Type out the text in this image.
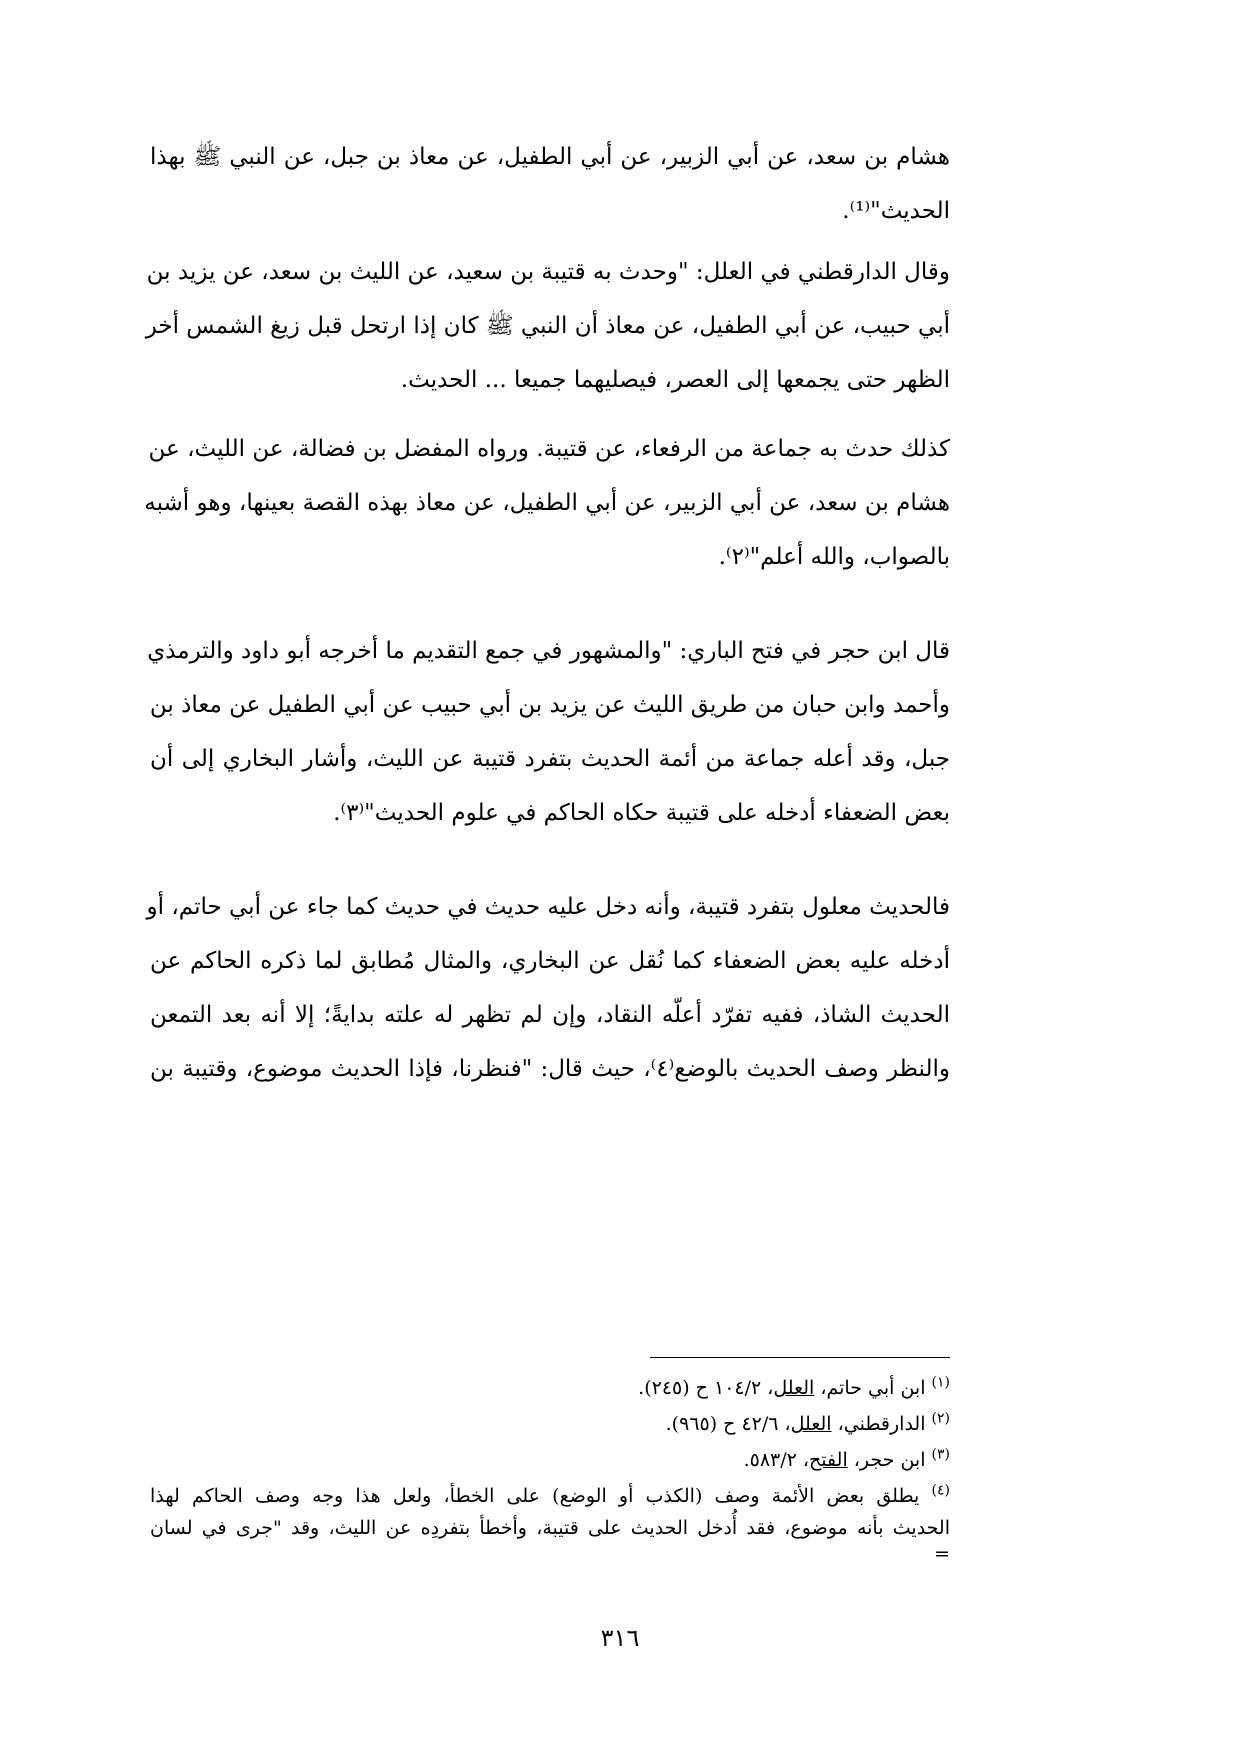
هشام بن سعد، عن أبي الزبير، عن أبي الطفيل، عن معاذ بن جبل، عن النبي ﷺ بهذا
الحديث"⁽¹⁾.
وقال الدارقطني في العلل: "وحدث به قتيبة بن سعيد، عن الليث بن سعد، عن يزيد بن
أبي حبيب، عن أبي الطفيل، عن معاذ أن النبي ﷺ كان إذا ارتحل قبل زيغ الشمس أخر
الظهر حتى يجمعها إلى العصر، فيصليهما جميعا ... الحديث.
كذلك حدث به جماعة من الرفعاء، عن قتيبة. ورواه المفضل بن فضالة، عن الليث، عن
هشام بن سعد، عن أبي الزبير، عن أبي الطفيل، عن معاذ بهذه القصة بعينها، وهو أشبه
بالصواب، والله أعلم"⁽٢⁾.
قال ابن حجر في فتح الباري: "والمشهور في جمع التقديم ما أخرجه أبو داود والترمذي
وأحمد وابن حبان من طريق الليث عن يزيد بن أبي حبيب عن أبي الطفيل عن معاذ بن
جبل، وقد أعله جماعة من أئمة الحديث بتفرد قتيبة عن الليث، وأشار البخاري إلى أن
بعض الضعفاء أدخله على قتيبة حكاه الحاكم في علوم الحديث"⁽٣⁾.
فالحديث معلول بتفرد قتيبة، وأنه دخل عليه حديث في حديث كما جاء عن أبي حاتم، أو
أدخله عليه بعض الضعفاء كما نُقل عن البخاري، والمثال مُطابق لما ذكره الحاكم عن
الحديث الشاذ، ففيه تفرّد أعلّه النقاد، وإن لم تظهر له علته بدايةً؛ إلا أنه بعد التمعن
والنظر وصف الحديث بالوضع⁽٤⁾، حيث قال: "فنظرنا، فإذا الحديث موضوع، وقتيبة بن
$^{(١)}$ ابن أبي حاتم، العلل، ١٠٤/٢ ح (٢٤٥).
$^{(٢)}$ الدارقطني، العلل، ٤٢/٦ ح (٩٦٥).
$^{(٣)}$ ابن حجر، الفتح، ٥٨٣/٢.
$^{(٤)}$ يطلق بعض الأئمة وصف (الكذب أو الوضع) على الخطأ، ولعل هذا وجه وصف الحاكم لهذا
الحديث بأنه موضوع، فقد أُدخل الحديث على قتيبة، وأخطأ بتفردِه عن الليث، وقد "جرى في لسان
=
٣١٦
